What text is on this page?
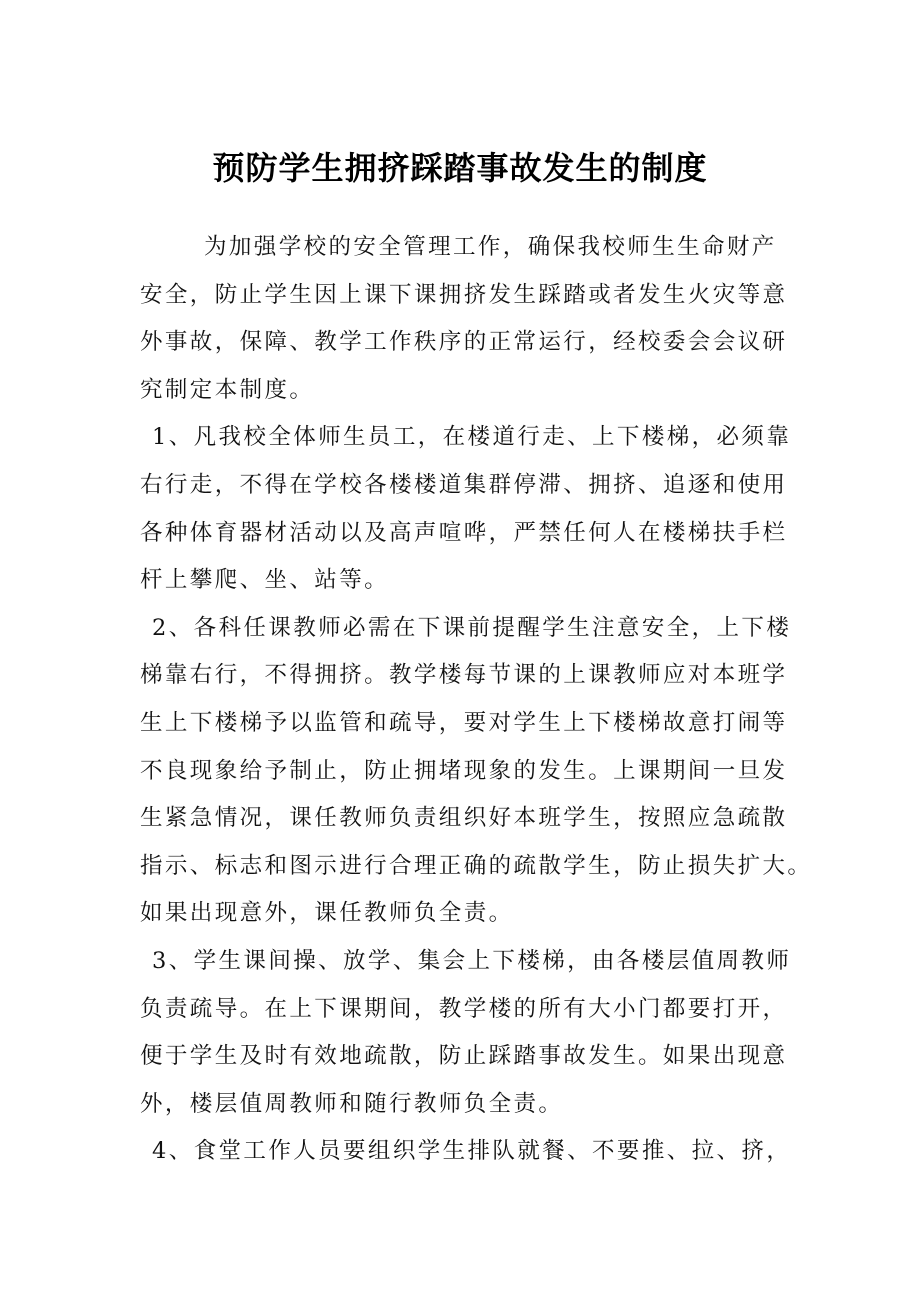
预防学生拥挤踩踏事故发生的制度
为加强学校的安全管理工作，确保我校师生生命财产
安全，防止学生因上课下课拥挤发生踩踏或者发生火灾等意
外事故，保障、教学工作秩序的正常运行，经校委会会议研
究制定本制度。
1、凡我校全体师生员工，在楼道行走、上下楼梯，必须靠
右行走，不得在学校各楼楼道集群停滞、拥挤、追逐和使用
各种体育器材活动以及高声喧哗，严禁任何人在楼梯扶手栏
杆上攀爬、坐、站等。
2、各科任课教师必需在下课前提醒学生注意安全，上下楼
梯靠右行，不得拥挤。教学楼每节课的上课教师应对本班学
生上下楼梯予以监管和疏导，要对学生上下楼梯故意打闹等
不良现象给予制止，防止拥堵现象的发生。上课期间一旦发
生紧急情况，课任教师负责组织好本班学生，按照应急疏散
指示、标志和图示进行合理正确的疏散学生，防止损失扩大。
如果出现意外，课任教师负全责。
3、学生课间操、放学、集会上下楼梯，由各楼层值周教师
负责疏导。在上下课期间，教学楼的所有大小门都要打开，
便于学生及时有效地疏散，防止踩踏事故发生。如果出现意
外，楼层值周教师和随行教师负全责。
4、食堂工作人员要组织学生排队就餐、不要推、拉、挤，
